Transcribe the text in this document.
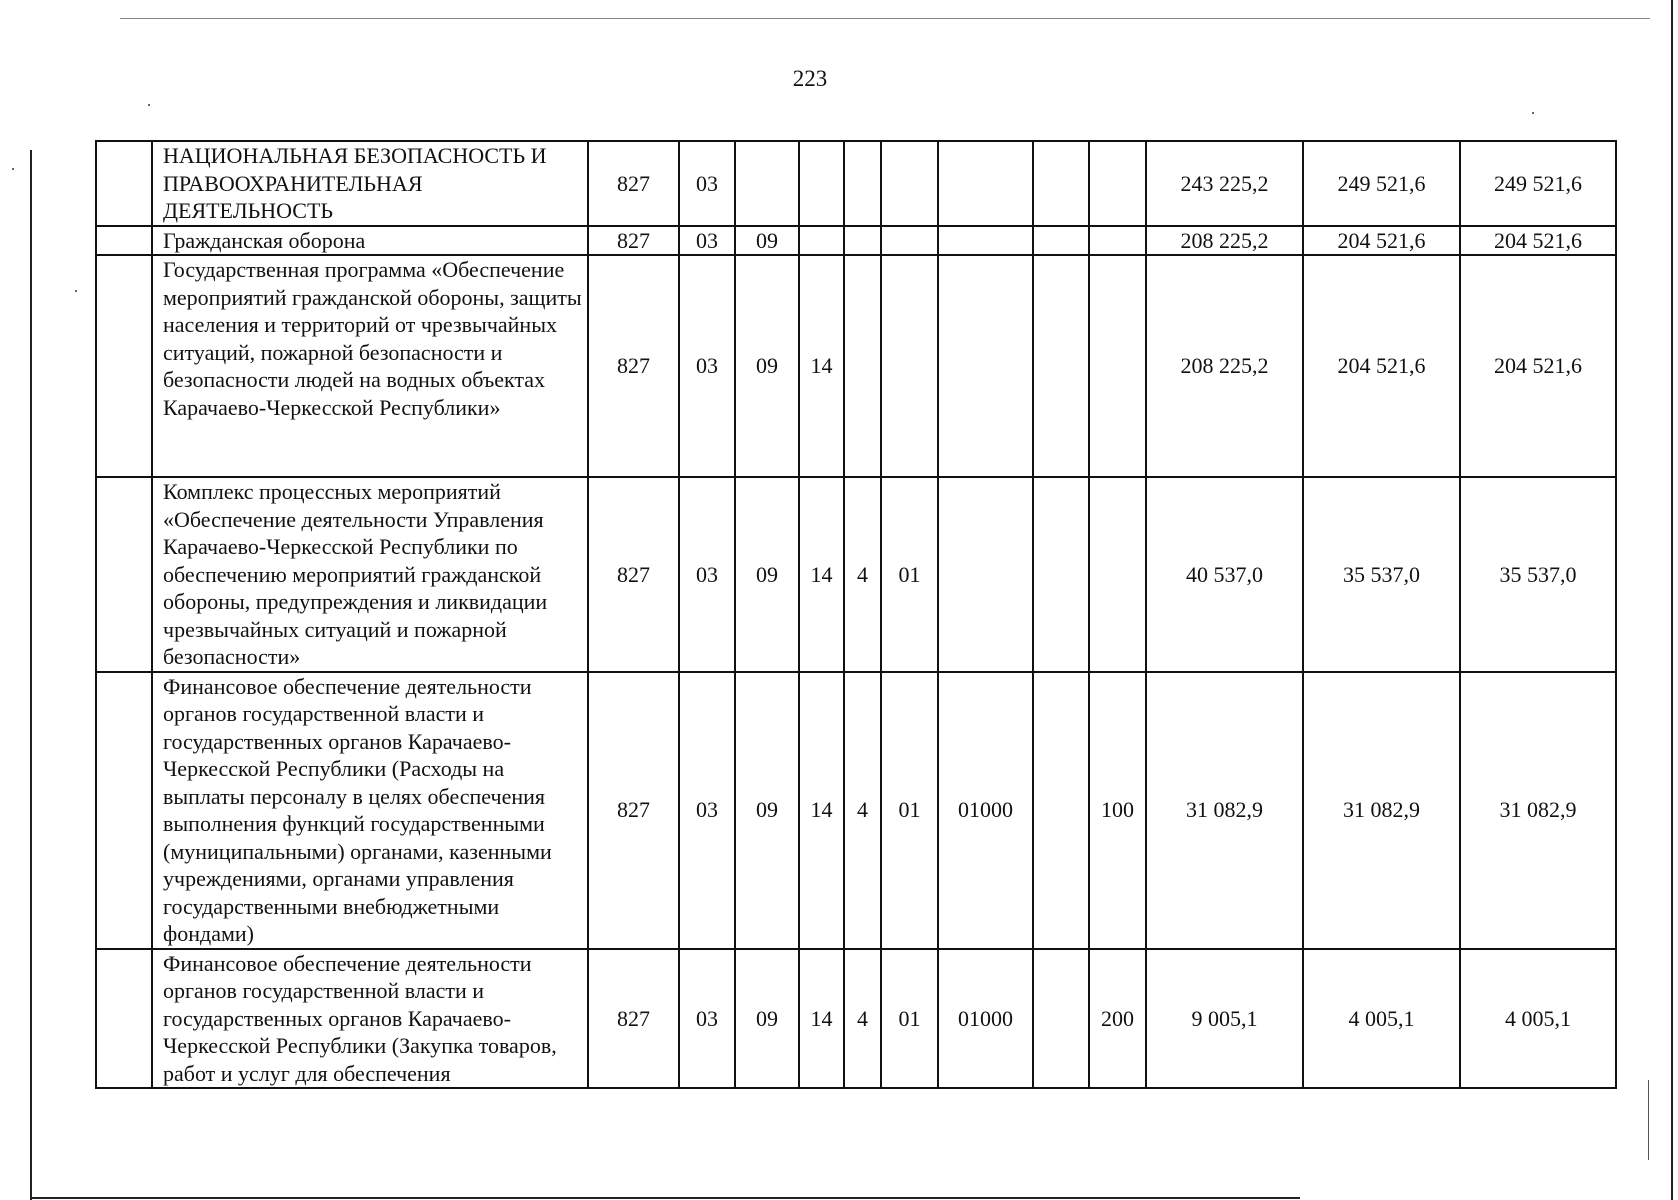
223
	НАЦИОНАЛЬНАЯ БЕЗОПАСНОСТЬ И ПРАВООХРАНИТЕЛЬНАЯ ДЕЯТЕЛЬНОСТЬ	827	03								243 225,2	249 521,6	249 521,6
	Гражданская оборона	827	03	09							208 225,2	204 521,6	204 521,6
	Государственная программа «Обеспечение мероприятий гражданской обороны, защиты населения и территорий от чрезвычайных ситуаций, пожарной безопасности и безопасности людей на водных объектах Карачаево-Черкесской Республики»	827	03	09	14						208 225,2	204 521,6	204 521,6
	Комплекс процессных мероприятий «Обеспечение деятельности Управления Карачаево-Черкесской Республики по обеспечению мероприятий гражданской обороны, предупреждения и ликвидации чрезвычайных ситуаций и пожарной безопасности»	827	03	09	14	4	01				40 537,0	35 537,0	35 537,0
	Финансовое обеспечение деятельности органов государственной власти и государственных органов Карачаево-Черкесской Республики (Расходы на выплаты персоналу в целях обеспечения выполнения функций государственными (муниципальными) органами, казенными учреждениями, органами управления государственными внебюджетными фондами)	827	03	09	14	4	01	01000		100	31 082,9	31 082,9	31 082,9
	Финансовое обеспечение деятельности органов государственной власти и государственных органов Карачаево-Черкесской Республики (Закупка товаров, работ и услуг для обеспечения	827	03	09	14	4	01	01000		200	9 005,1	4 005,1	4 005,1
